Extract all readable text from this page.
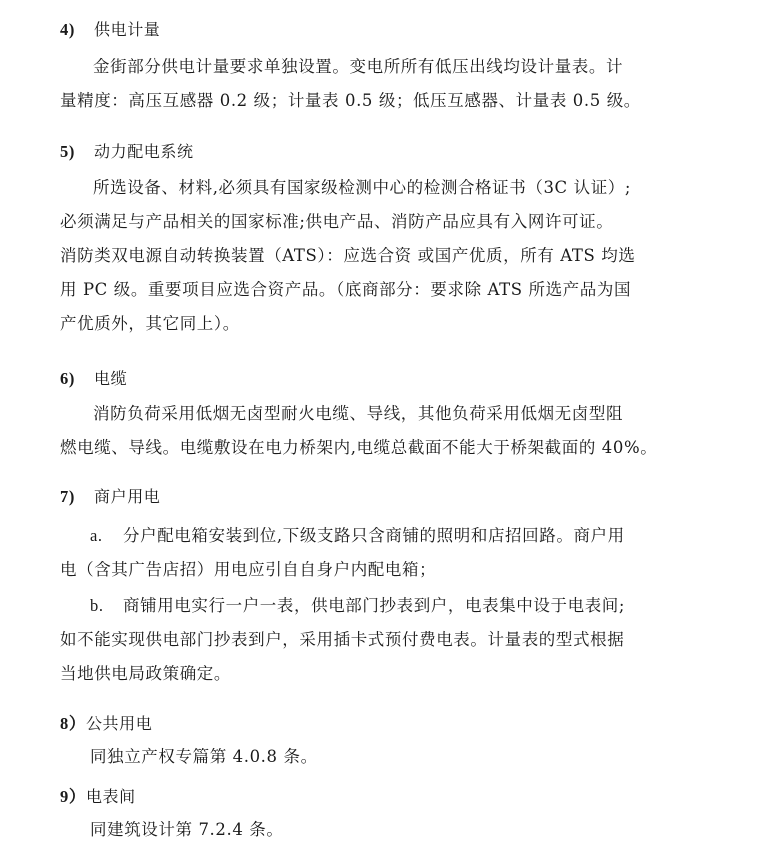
4) 供电计量
金街部分供电计量要求单独设置。变电所所有低压出线均设计量表。计
量精度：高压互感器 0.2 级；计量表 0.5 级；低压互感器、计量表 0.5 级。
5) 动力配电系统
所选设备、材料,必须具有国家级检测中心的检测合格证书（3C 认证）;
必须满足与产品相关的国家标准;供电产品、消防产品应具有入网许可证。
消防类双电源自动转换装置（ATS）：应选合资 或国产优质，所有 ATS 均选
用 PC 级。重要项目应选合资产品。（底商部分：要求除 ATS 所选产品为国
产优质外，其它同上）。
6) 电缆
消防负荷采用低烟无卤型耐火电缆、导线，其他负荷采用低烟无卤型阻
燃电缆、导线。电缆敷设在电力桥架内,电缆总截面不能大于桥架截面的 40%。
7) 商户用电
a. 分户配电箱安装到位,下级支路只含商铺的照明和店招回路。商户用
电（含其广告店招）用电应引自自身户内配电箱；
b. 商铺用电实行一户一表，供电部门抄表到户，电表集中设于电表间;
如不能实现供电部门抄表到户，采用插卡式预付费电表。计量表的型式根据
当地供电局政策确定。
8）公共用电
同独立产权专篇第 4.0.8 条。
9）电表间
同建筑设计第 7.2.4 条。
